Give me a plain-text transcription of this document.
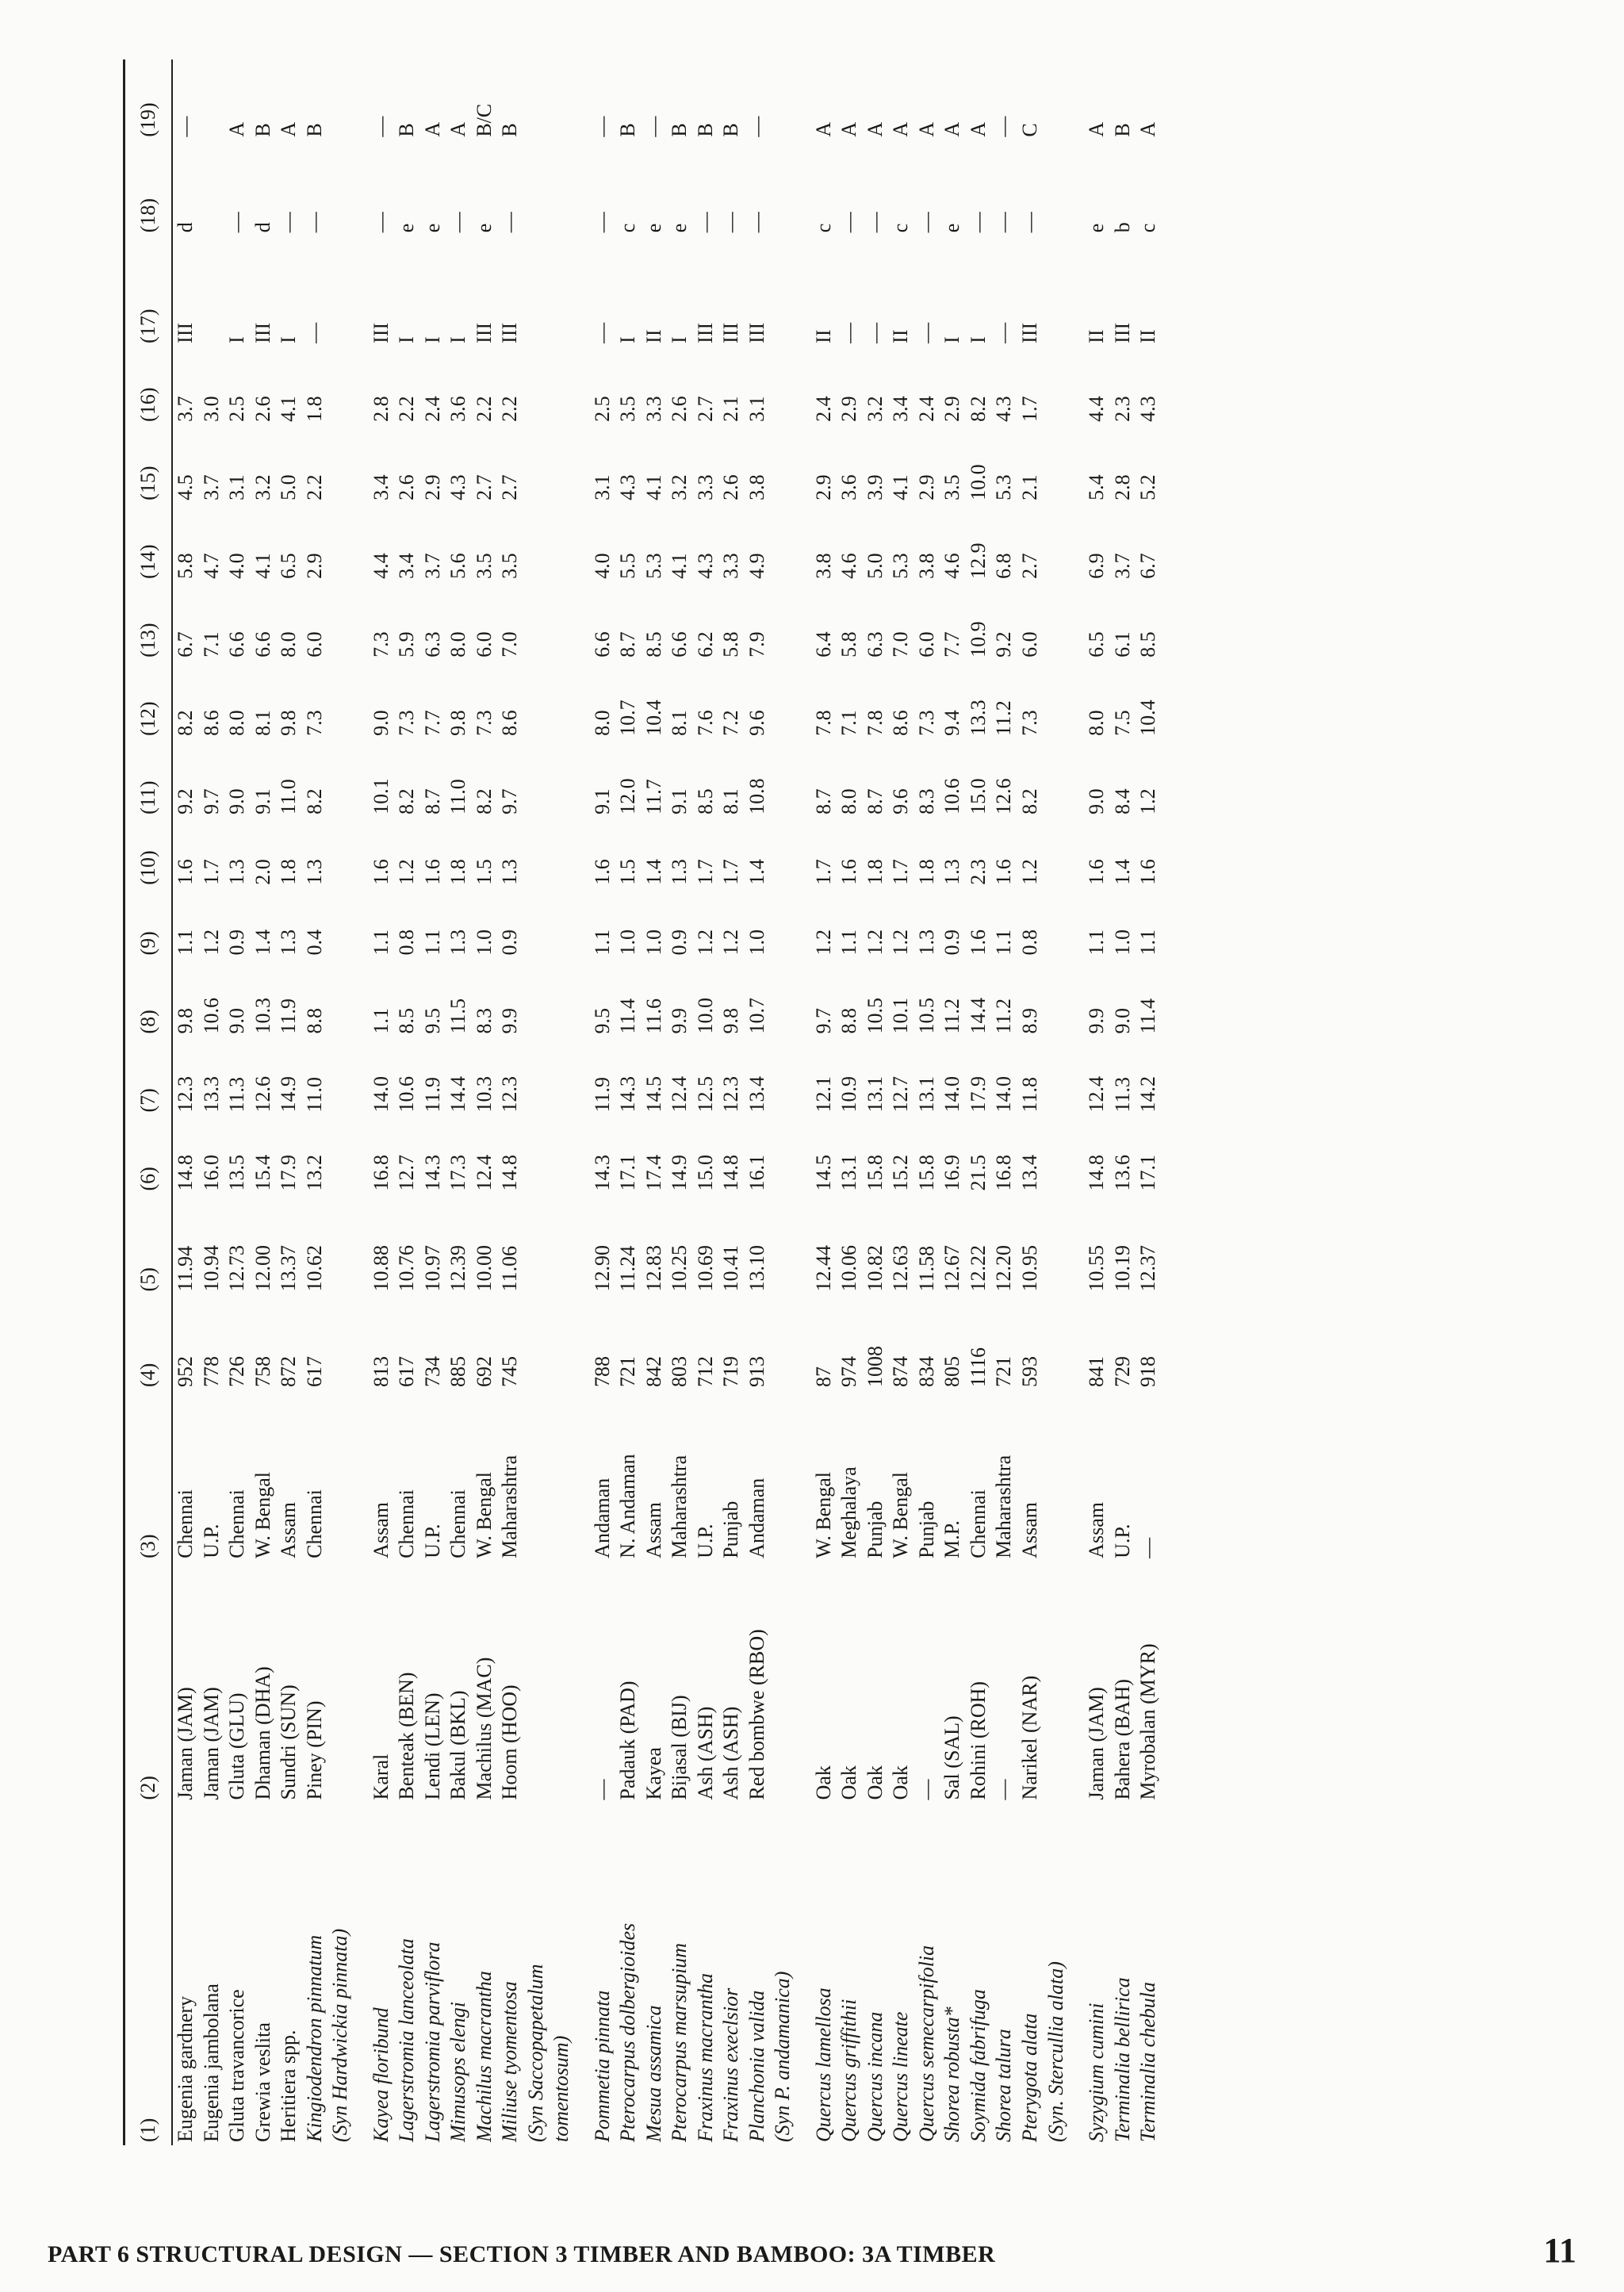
(1)	(2)	(3)	(4)	(5)	(6)	(7)	(8)	(9)	(10)	(11)	(12)	(13)	(14)	(15)	(16)	(17)	(18)	(19)
Eugenia gardnery	Jaman (JAM)	Chennai	952	11.94	14.8	12.3	9.8	1.1	1.6	9.2	8.2	6.7	5.8	4.5	3.7	III	d	—
Eugenia jambolana	Jaman (JAM)	U.P.	778	10.94	16.0	13.3	10.6	1.2	1.7	9.7	8.6	7.1	4.7	3.7	3.0			
Gluta travancorice	Gluta (GLU)	Chennai	726	12.73	13.5	11.3	9.0	0.9	1.3	9.0	8.0	6.6	4.0	3.1	2.5	I	—	A
Grewia veslita	Dhaman (DHA)	W. Bengal	758	12.00	15.4	12.6	10.3	1.4	2.0	9.1	8.1	6.6	4.1	3.2	2.6	III	d	B
Heritiera spp.	Sundri (SUN)	Assam	872	13.37	17.9	14.9	11.9	1.3	1.8	11.0	9.8	8.0	6.5	5.0	4.1	I	—	A
Kingiodendron pinnatum	Piney (PIN)	Chennai	617	10.62	13.2	11.0	8.8	0.4	1.3	8.2	7.3	6.0	2.9	2.2	1.8	—	—	B
(Syn Hardwickia pinnata)																		
Kayea floribund	Karal	Assam	813	10.88	16.8	14.0	1.1	1.1	1.6	10.1	9.0	7.3	4.4	3.4	2.8	III	—	—
Lagerstromia lanceolata	Benteak (BEN)	Chennai	617	10.76	12.7	10.6	8.5	0.8	1.2	8.2	7.3	5.9	3.4	2.6	2.2	I	e	B
Lagerstromia parviflora	Lendi (LEN)	U.P.	734	10.97	14.3	11.9	9.5	1.1	1.6	8.7	7.7	6.3	3.7	2.9	2.4	I	e	A
Mimusops elengi	Bakul (BKL)	Chennai	885	12.39	17.3	14.4	11.5	1.3	1.8	11.0	9.8	8.0	5.6	4.3	3.6	I	—	A
Machilus macrantha	Machilus (MAC)	W. Bengal	692	10.00	12.4	10.3	8.3	1.0	1.5	8.2	7.3	6.0	3.5	2.7	2.2	III	e	B/C
Miliuse tyomentosa	Hoom (HOO)	Maharashtra	745	11.06	14.8	12.3	9.9	0.9	1.3	9.7	8.6	7.0	3.5	2.7	2.2	III	—	B
(Syn Saccopapetalum																		
tomentosum)																		
Pommetia pinnata	—	Andaman	788	12.90	14.3	11.9	9.5	1.1	1.6	9.1	8.0	6.6	4.0	3.1	2.5	—	—	—
Pterocarpus dolbergioides	Padauk (PAD)	N. Andaman	721	11.24	17.1	14.3	11.4	1.0	1.5	12.0	10.7	8.7	5.5	4.3	3.5	I	c	B
Mesua assamica	Kayea	Assam	842	12.83	17.4	14.5	11.6	1.0	1.4	11.7	10.4	8.5	5.3	4.1	3.3	II	e	—
Pterocarpus marsupium	Bijasal (BIJ)	Maharashtra	803	10.25	14.9	12.4	9.9	0.9	1.3	9.1	8.1	6.6	4.1	3.2	2.6	I	e	B
Fraxinus macrantha	Ash (ASH)	U.P.	712	10.69	15.0	12.5	10.0	1.2	1.7	8.5	7.6	6.2	4.3	3.3	2.7	III	—	B
Fraxinus execlsior	Ash (ASH)	Punjab	719	10.41	14.8	12.3	9.8	1.2	1.7	8.1	7.2	5.8	3.3	2.6	2.1	III	—	B
Planchonia valida	Red bombwe (RBO)	Andaman	913	13.10	16.1	13.4	10.7	1.0	1.4	10.8	9.6	7.9	4.9	3.8	3.1	III	—	—
(Syn P. andamanica)																		
Quercus lamellosa	Oak	W. Bengal	87	12.44	14.5	12.1	9.7	1.2	1.7	8.7	7.8	6.4	3.8	2.9	2.4	II	c	A
Quercus griffithii	Oak	Meghalaya	974	10.06	13.1	10.9	8.8	1.1	1.6	8.0	7.1	5.8	4.6	3.6	2.9	—	—	A
Quercus incana	Oak	Punjab	1008	10.82	15.8	13.1	10.5	1.2	1.8	8.7	7.8	6.3	5.0	3.9	3.2	—	—	A
Quercus lineate	Oak	W. Bengal	874	12.63	15.2	12.7	10.1	1.2	1.7	9.6	8.6	7.0	5.3	4.1	3.4	II	c	A
Quercus semecarpifolia	—	Punjab	834	11.58	15.8	13.1	10.5	1.3	1.8	8.3	7.3	6.0	3.8	2.9	2.4	—	—	A
Shorea robusta*	Sal (SAL)	M.P.	805	12.67	16.9	14.0	11.2	0.9	1.3	10.6	9.4	7.7	4.6	3.5	2.9	I	e	A
Soymida fabrifuga	Rohini (ROH)	Chennai	1116	12.22	21.5	17.9	14.4	1.6	2.3	15.0	13.3	10.9	12.9	10.0	8.2	I	—	A
Shorea talura	—	Maharashtra	721	12.20	16.8	14.0	11.2	1.1	1.6	12.6	11.2	9.2	6.8	5.3	4.3	—	—	—
Pterygota alata	Narikel (NAR)	Assam	593	10.95	13.4	11.8	8.9	0.8	1.2	8.2	7.3	6.0	2.7	2.1	1.7	III	—	C
(Syn. Stercullia alata)																		
Syzygium cumini	Jaman (JAM)	Assam	841	10.55	14.8	12.4	9.9	1.1	1.6	9.0	8.0	6.5	6.9	5.4	4.4	II	e	A
Terminalia bellirica	Bahera (BAH)	U.P.	729	10.19	13.6	11.3	9.0	1.0	1.4	8.4	7.5	6.1	3.7	2.8	2.3	III	b	B
Terminalia chebula	Myrobalan (MYR)	—	918	12.37	17.1	14.2	11.4	1.1	1.6	1.2	10.4	8.5	6.7	5.2	4.3	II	c	A
PART 6 STRUCTURAL DESIGN — SECTION 3 TIMBER AND BAMBOO: 3A TIMBER	11
